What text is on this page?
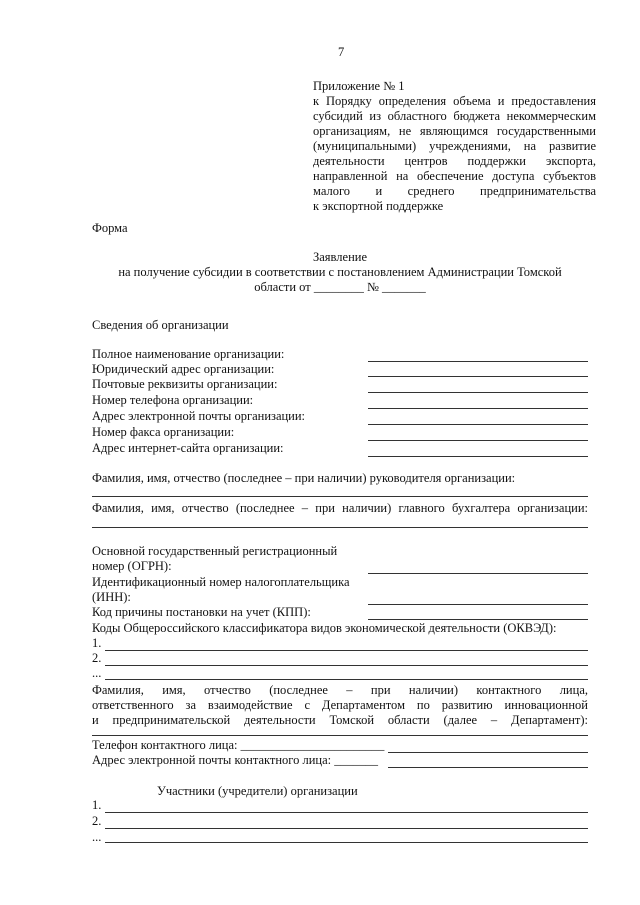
7
Приложение № 1
к Порядку определения объема и предоставления
субсидий из областного бюджета некоммерческим
организациям, не являющимся государственными
(муниципальными) учреждениями, на развитие
деятельности центров поддержки экспорта,
направленной на обеспечение доступа субъектов
малого и среднего предпринимательства
к экспортной поддержке
Форма
Заявление
на получение субсидии в соответствии с постановлением Администрации Томской
области от ________ № _______
Сведения об организации
Полное наименование организации:
Юридический адрес организации:
Почтовые реквизиты организации:
Номер телефона организации:
Адрес электронной почты организации:
Номер факса организации:
Адрес интернет-сайта организации:
Фамилия, имя, отчество (последнее – при наличии) руководителя организации:
Фамилия, имя, отчество (последнее – при наличии) главного бухгалтера организации:
Основной государственный регистрационный
номер (ОГРН):
Идентификационный номер налогоплательщика
(ИНН):
Код причины постановки на учет (КПП):
Коды Общероссийского классификатора видов экономической деятельности (ОКВЭД):
1.
2.
...
Фамилия, имя, отчество (последнее – при наличии) контактного лица,
ответственного за взаимодействие с Департаментом по развитию инновационной
и предпринимательской деятельности Томской области (далее – Департамент):
Телефон контактного лица: _______________________
Адрес электронной почты контактного лица: _______
Участники (учредители) организации
1.
2.
...
